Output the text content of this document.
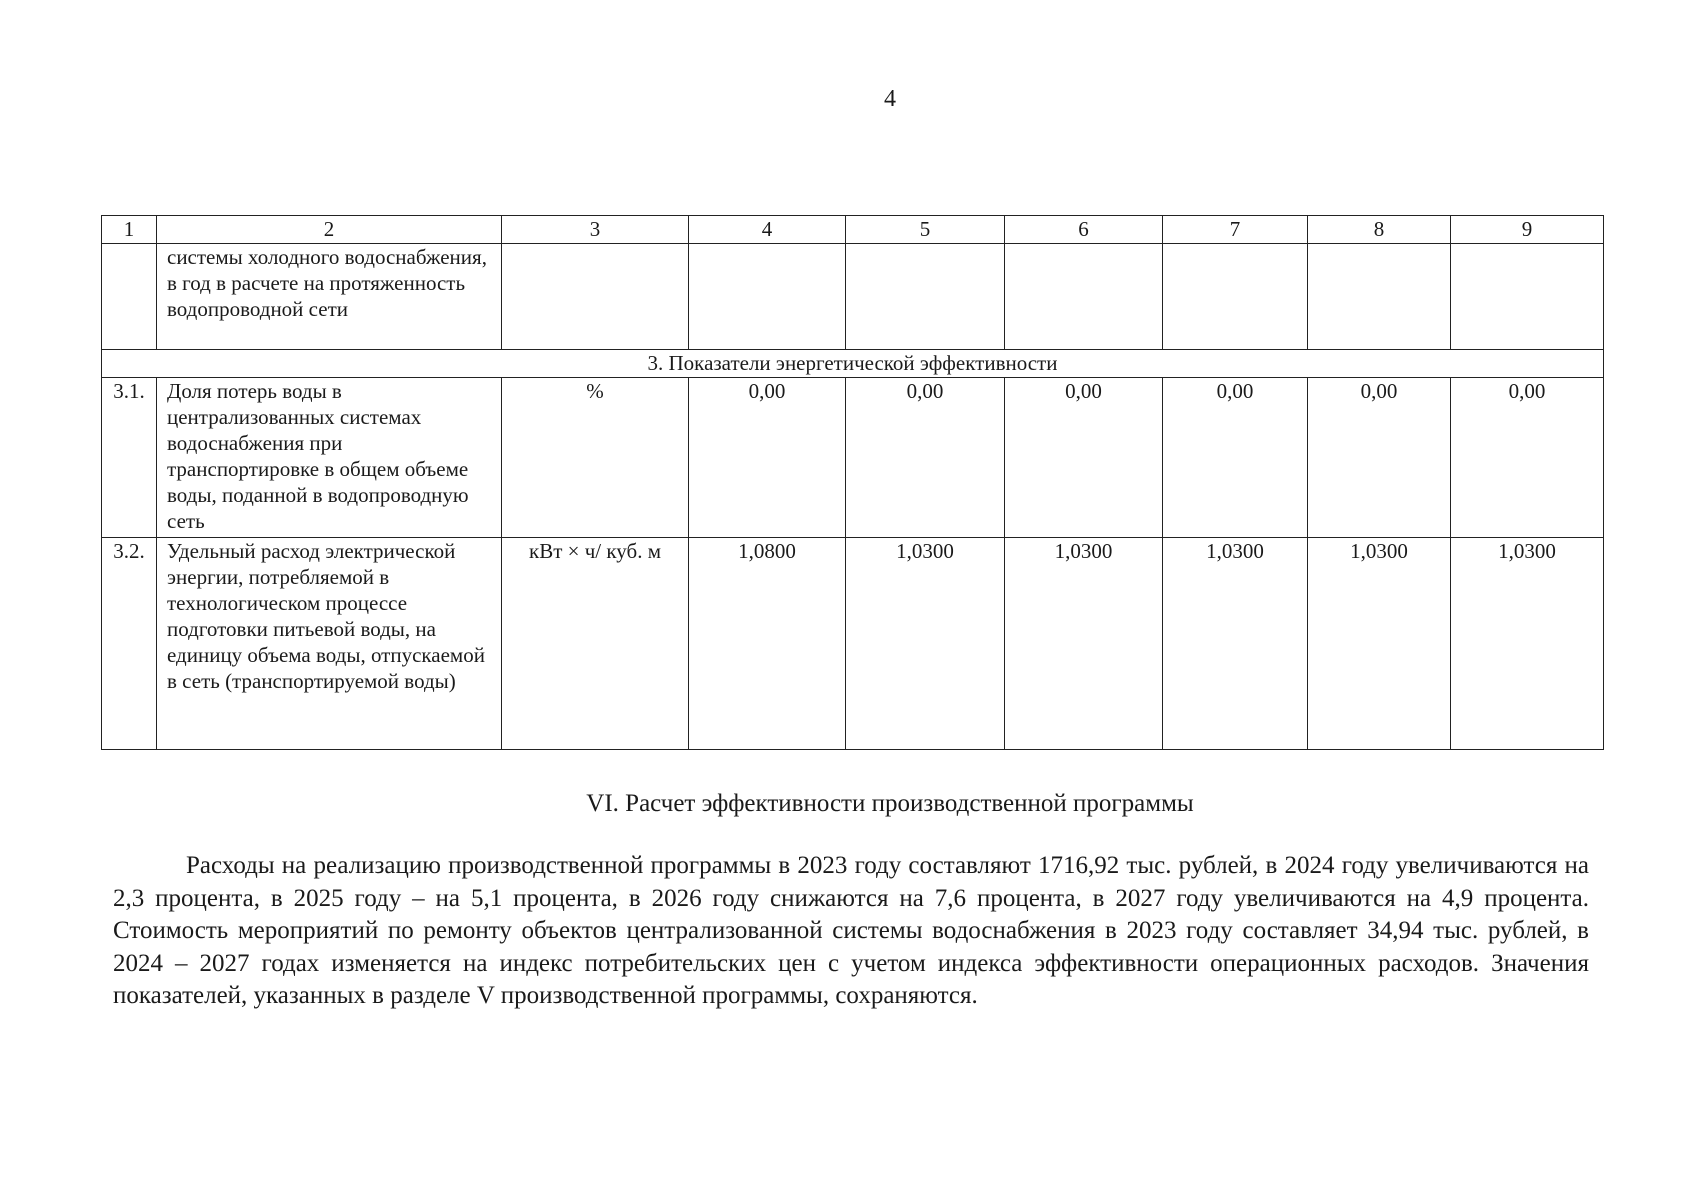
4
1	2	3	4	5	6	7	8	9
	системы холодного водоснабжения, в год в расчете на протяженность водопроводной сети							
3. Показатели энергетической эффективности								
3.1.	Доля потерь воды в централизованных системах водоснабжения при транспортировке в общем объеме воды, поданной в водопроводную сеть	%	0,00	0,00	0,00	0,00	0,00	0,00
3.2.	Удельный расход электрической энергии, потребляемой в технологическом процессе подготовки питьевой воды, на единицу объема воды, отпускаемой в сеть (транспортируемой воды)	кВт × ч/ куб. м	1,0800	1,0300	1,0300	1,0300	1,0300	1,0300
VI. Расчет эффективности производственной программы

Расходы на реализацию производственной программы в 2023 году составляют 1716,92 тыс. рублей, в 2024 году увеличиваются на 2,3 процента, в 2025 году – на 5,1 процента, в 2026 году снижаются на 7,6 процента, в 2027 году увеличиваются на 4,9 процента. Стоимость мероприятий по ремонту объектов централизованной системы водоснабжения в 2023 году составляет 34,94 тыс. рублей, в 2024 – 2027 годах изменяется на индекс потребительских цен с учетом индекса эффективности операционных расходов. Значения показателей, указанных в разделе V производственной программы, сохраняются.
